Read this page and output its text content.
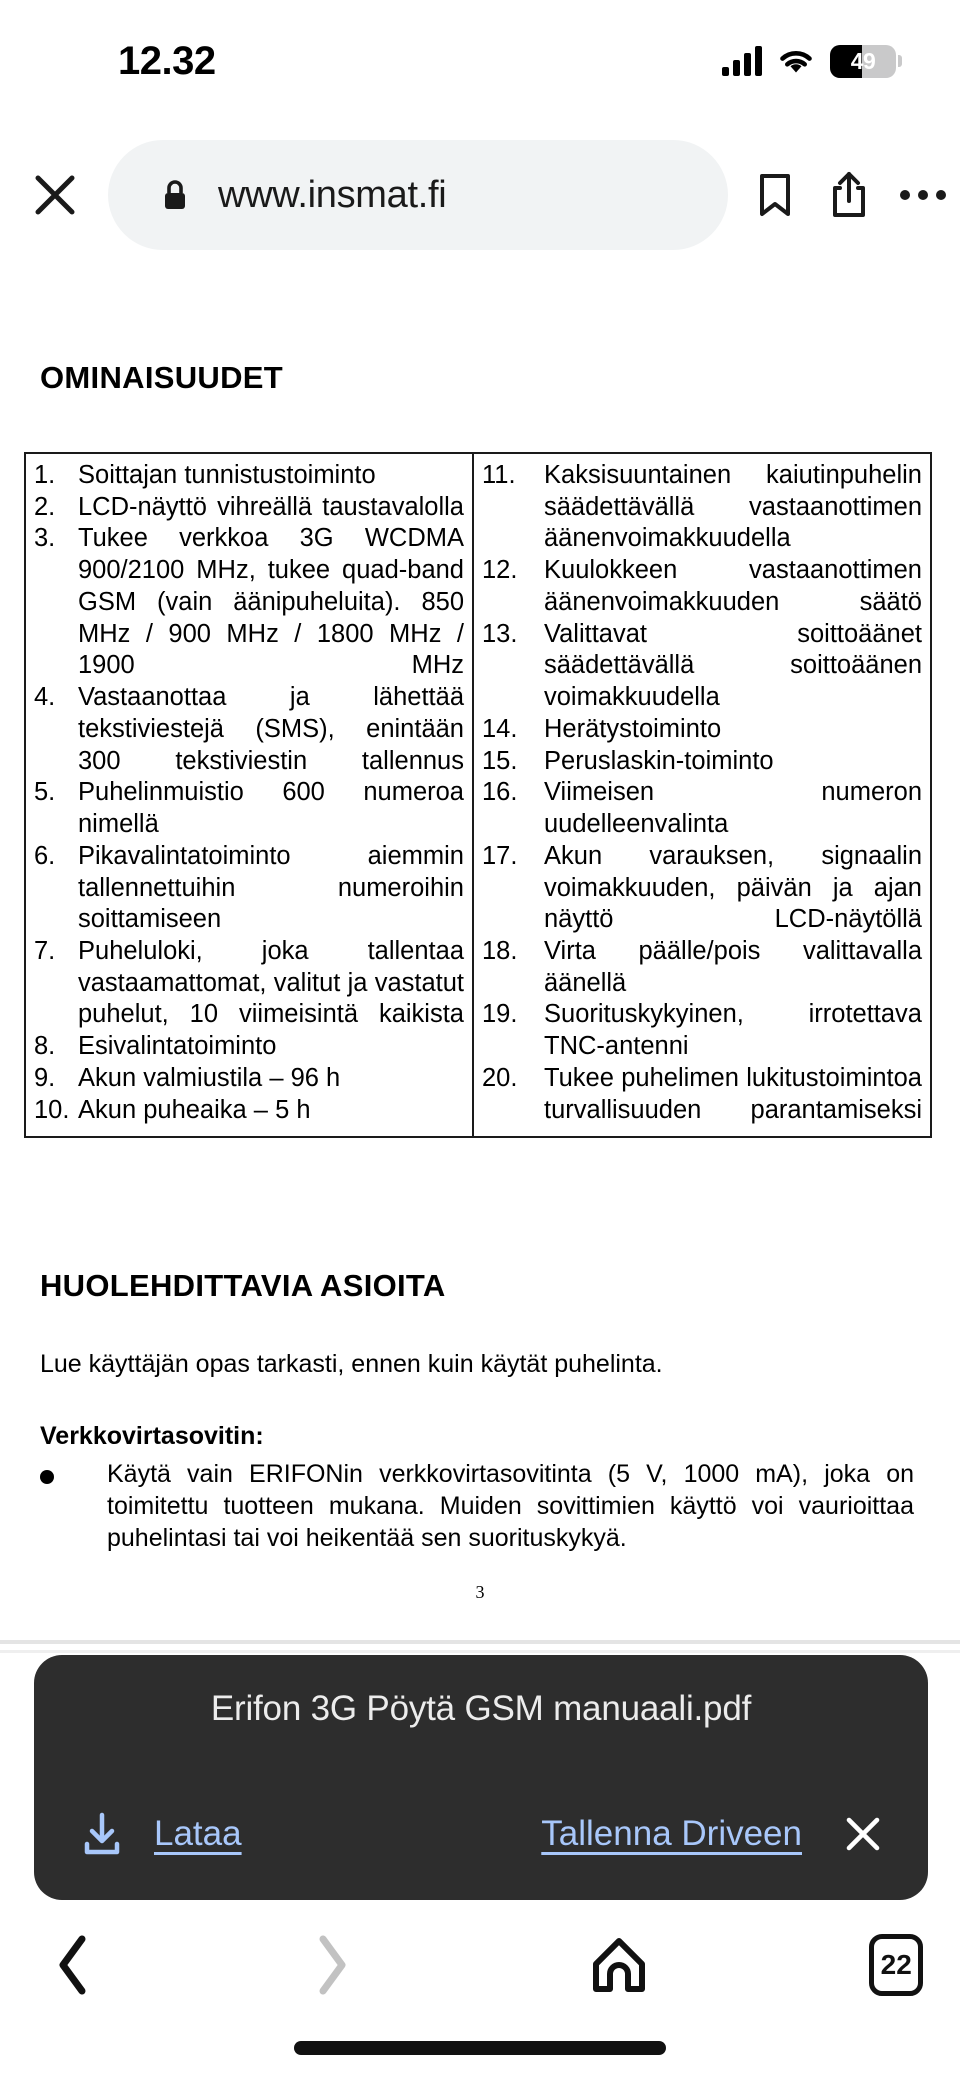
12.32	49
www.insmat.fi
OMINAISUUDET
1. Soittajan tunnistustoiminto
2. LCD-näyttö vihreällä taustavalolla
3. Tukee verkkoa 3G WCDMA 900/2100 MHz, tukee quad-band GSM (vain äänipuheluita). 850 MHz / 900 MHz / 1800 MHz / 1900 MHz
4. Vastaanottaa ja lähettää tekstiviestejä (SMS), enintään 300 tekstiviestin tallennus
5. Puhelinmuistio 600 numeroa nimellä
6. Pikavalintatoiminto aiemmin tallennettuihin numeroihin soittamiseen
7. Puheluloki, joka tallentaa vastaamattomat, valitut ja vastatut puhelut, 10 viimeisintä kaikista
8. Esivalintatoiminto
9. Akun valmiustila – 96 h
10. Akun puheaika – 5 h
11.	Kaksisuuntainen kaiutinpuhelin säädettävällä vastaanottimen äänenvoimakkuudella
12.	Kuulokkeen vastaanottimen äänenvoimakkuuden säätö
13.	Valittavat soittoäänet säädettävällä soittoäänen voimakkuudella
14.	Herätystoiminto
15.	Peruslaskin-toiminto
16.	Viimeisen numeron uudelleenvalinta
17.	Akun varauksen, signaalin voimakkuuden, päivän ja ajan näyttö LCD-näytöllä
18.	Virta päälle/pois valittavalla äänellä
19.	Suorituskykyinen, irrotettava TNC-antenni
20.	Tukee puhelimen lukitustoimintoa turvallisuuden parantamiseksi
HUOLEHDITTAVIA ASIOITA
Lue käyttäjän opas tarkasti, ennen kuin käytät puhelinta.
Verkkovirtasovitin:
Käytä vain ERIFONin verkkovirtasovitinta (5 V, 1000 mA), joka on toimitettu tuotteen mukana. Muiden sovittimien käyttö voi vaurioittaa puhelintasi tai voi heikentää sen suorituskykyä.
3
Erifon 3G Pöytä GSM manuaali.pdf
Lataa	Tallenna Driveen
22
